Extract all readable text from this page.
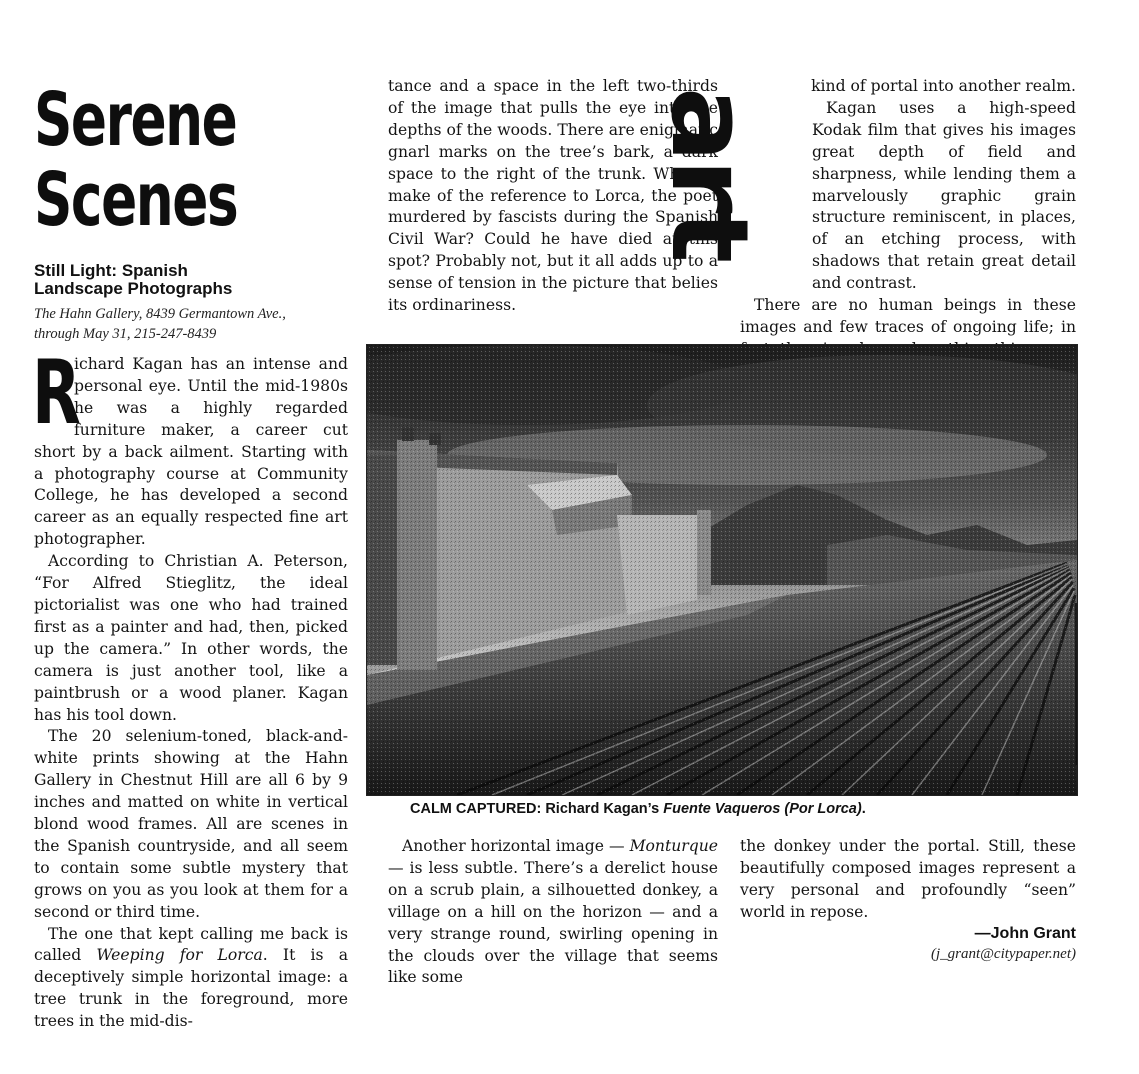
Serene
Scenes
Still Light: Spanish
Landscape Photographs
The Hahn Gallery, 8439 Germantown Ave.,
through May 31, 215-247-8439

R
ichard Kagan has an intense and personal eye. Until the mid-1980s he was a highly regarded furniture maker, a career cut short by a back ailment. Starting with a photography course at Community College, he has developed a second career as an equally respected fine art photographer.

According to Christian A. Peterson, “For Alfred Stieglitz, the ideal pictorialist was one who had trained first as a painter and had, then, picked up the camera.” In other words, the camera is just another tool, like a paintbrush or a wood planer. Kagan has his tool down.

The 20 selenium-toned, black-and-white prints showing at the Hahn Gallery in Chestnut Hill are all 6 by 9 inches and matted on white in vertical blond wood frames. All are scenes in the Spanish countryside, and all seem to contain some subtle mystery that grows on you as you look at them for a second or third time.

The one that kept calling me back is called Weeping for Lorca. It is a deceptively simple horizontal image: a tree trunk in the foreground, more trees in the mid-dis-

tance and a space in the left two-thirds of the image that pulls the eye into the depths of the woods. There are enigmatic gnarl marks on the tree’s bark, a dark space to the right of the trunk. What to make of the reference to Lorca, the poet murdered by fascists during the Spanish Civil War? Could he have died at this spot? Probably not, but it all adds up to a sense of tension in the picture that belies its ordinariness.

art

kind of portal into another realm.

Kagan uses a high-speed Kodak film that gives his images great depth of field and sharpness, while lending them a marvelously graphic grain structure reminiscent, in places, of an etching process, with shadows that retain great detail and contrast.

There are no human beings in these images and few traces of ongoing life; in

CALM CAPTURED: Richard Kagan’s Fuente Vaqueros (Por Lorca).

Another horizontal image — Monturque — is less subtle. There’s a derelict house on a scrub plain, a silhouetted donkey, a village on a hill on the horizon — and a very strange round, swirling opening in the clouds over the village that seems like some

the donkey under the portal. Still, these beautifully composed images represent a very personal and profoundly “seen” world in repose.

—John Grant
(j_grant@citypaper.net)
